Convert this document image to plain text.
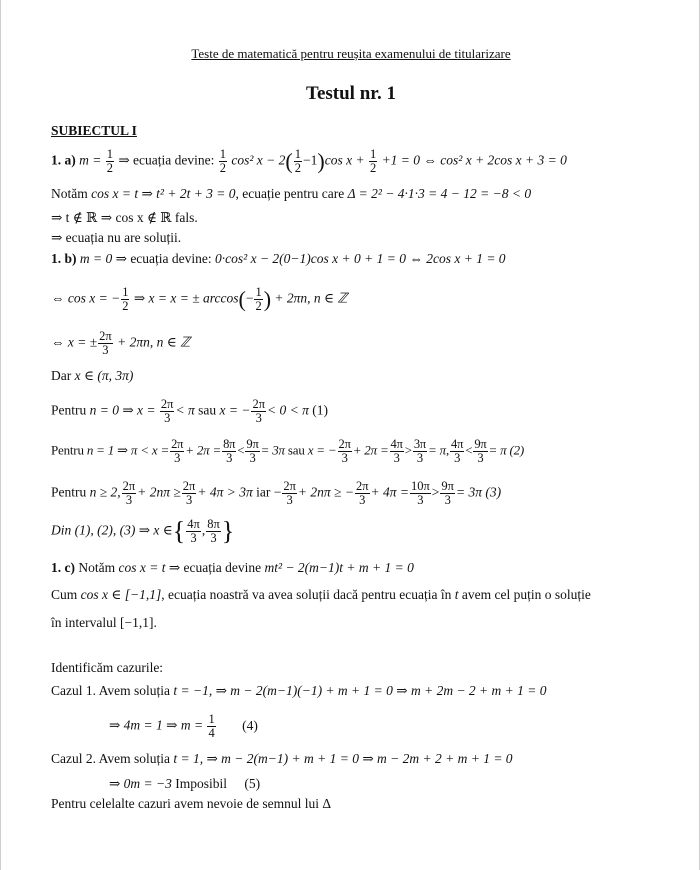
Teste de matematică pentru reușita examenului de titularizare
Testul nr. 1
SUBIECTUL I
1. a) $m = \frac{1}{2}$ ⇒ ecuația devine: $\frac{1}{2} \cos^2$ $x - 2( \frac{1}{2} -1)\cos$ $x + \frac{1}{2} +1 = 0$ ⇔ cos² x + 2cos x + 3 = 0
Notăm cos x = t ⇒ t² + 2t + 3 = 0, ecuație pentru care Δ = 2² − 4·1·3 = 4 − 12 = −8 < 0
⇒ t ∉ ℝ ⇒ cos x ∉ ℝ fals.
⇒ ecuația nu are soluții.
1. b) m = 0 ⇒ ecuația devine: 0·cos² x − 2(0−1)cos x + 0 + 1 = 0 ⇔ 2cos x + 1 = 0
⇔ cos x = − $\frac{1}{2}$ ⇒ x = x = ± $\arccos(- \frac{1}{2}$ ) + 2πn, n ∈ ℤ
⇔ x = ± $\frac{2\pi}{3} + 2\pi n$, n ∈ ℤ
Dar x ∈ (π, 3π)
Pentru n = 0 ⇒ $x = \frac{2\pi}{3} < \pi$ sau x = − $\frac{2\pi}{3} < 0 < \pi$ (1)
Pentru n = 1 ⇒ $\pi < x = \frac{2\pi}{3} + 2\pi = \frac{8\pi}{3} < \frac{9\pi}{3} = 3\pi$ sau x = − $\frac{2\pi}{3} + 2\pi = \frac{4\pi}{3} > \frac{3\pi}{3} = \pi$, $\frac{4\pi}{3} < \frac{9\pi}{3} = \pi$ (2)
Pentru n ≥ 2, $\frac{2\pi}{3} + 2n\pi \ge \frac{2\pi}{3} + 4\pi > 3\pi$ iar − $\frac{2\pi}{3} + 2n\pi$ ≥ − $\frac{2\pi}{3} + 4\pi = \frac{10\pi}{3} > \frac{9\pi}{3} = 3\pi$ (3)
Din (1), (2), (3) ⇒ x ∈{ $\frac{4\pi}{3}$ , $\frac{8\pi}{3}$ }
1. c) Notăm cos x = t ⇒ ecuația devine mt² − 2(m−1)t + m + 1 = 0
Cum cos x ∈ [−1,1], ecuația noastră va avea soluții dacă pentru ecuația în t avem cel puțin o soluție
în intervalul [−1,1].
Identificăm cazurile:
Cazul 1. Avem soluția t = −1, ⇒ m − 2(m−1)(−1) + m + 1 = 0 ⇒ m + 2m − 2 + m + 1 = 0
⇒ 4m = 1 ⇒ $m = \frac{1}{4} (4)$
Cazul 2. Avem soluția t = 1, ⇒ m − 2(m−1) + m + 1 = 0 ⇒ m − 2m + 2 + m + 1 = 0
⇒ 0m = −3 Imposibil (5)
Pentru celelalte cazuri avem nevoie de semnul lui Δ
